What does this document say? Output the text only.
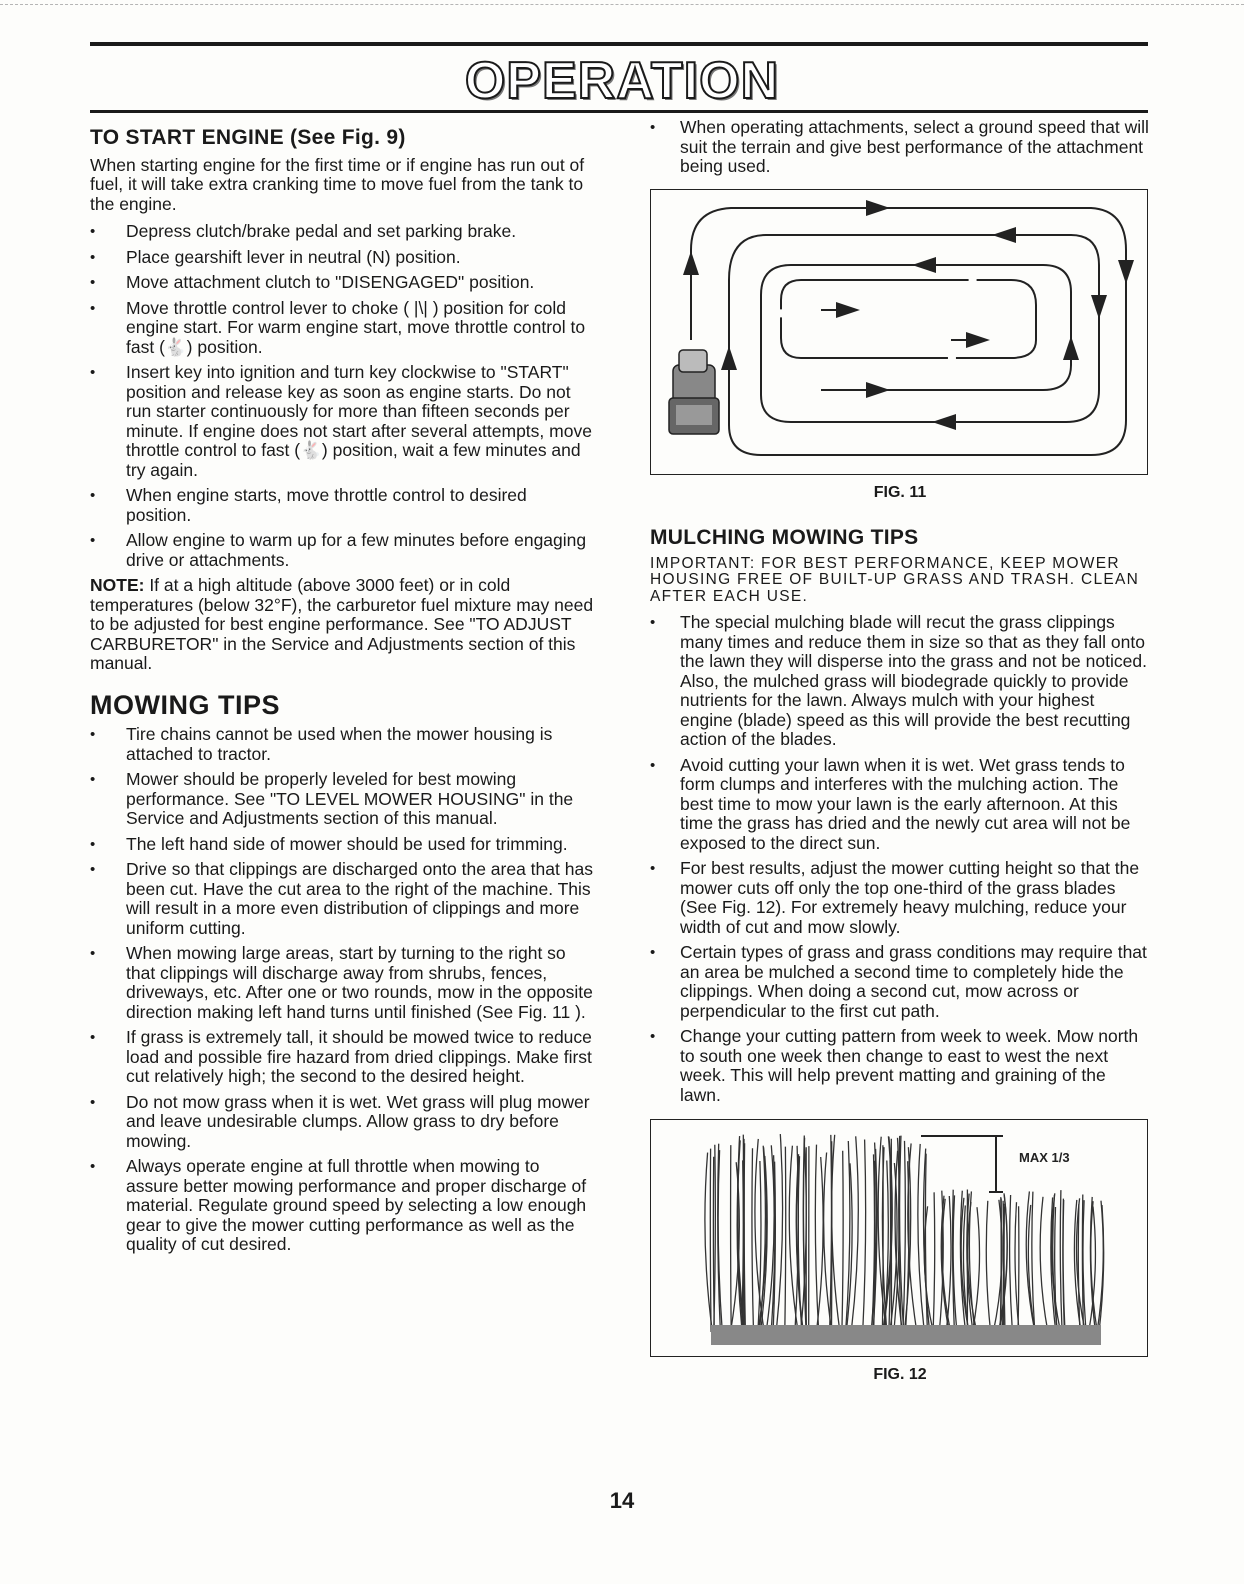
OPERATION
TO START ENGINE (See Fig. 9)

When starting engine for the first time or if engine has run out of fuel, it will take extra cranking time to move fuel from the tank to the engine.

• Depress clutch/brake pedal and set parking brake.
• Place gearshift lever in neutral (N) position.
• Move attachment clutch to "DISENGAGED" position.
• Move throttle control lever to choke ( |\| ) position for cold engine start. For warm engine start, move throttle control to fast (🐇) position.
• Insert key into ignition and turn key clockwise to "START" position and release key as soon as engine starts. Do not run starter continuously for more than fifteen seconds per minute. If engine does not start after several attempts, move throttle control to fast (🐇) position, wait a few minutes and try again.
• When engine starts, move throttle control to desired position.
• Allow engine to warm up for a few minutes before engaging drive or attachments.

NOTE: If at a high altitude (above 3000 feet) or in cold temperatures (below 32°F), the carburetor fuel mixture may need to be adjusted for best engine performance. See "TO ADJUST CARBURETOR" in the Service and Adjustments section of this manual.

MOWING TIPS
• Tire chains cannot be used when the mower housing is attached to tractor.
• Mower should be properly leveled for best mowing performance. See "TO LEVEL MOWER HOUSING" in the Service and Adjustments section of this manual.
• The left hand side of mower should be used for trimming.
• Drive so that clippings are discharged onto the area that has been cut. Have the cut area to the right of the machine. This will result in a more even distribution of clippings and more uniform cutting.
• When mowing large areas, start by turning to the right so that clippings will discharge away from shrubs, fences, driveways, etc. After one or two rounds, mow in the opposite direction making left hand turns until finished (See Fig. 11 ).
• If grass is extremely tall, it should be mowed twice to reduce load and possible fire hazard from dried clippings. Make first cut relatively high; the second to the desired height.
• Do not mow grass when it is wet. Wet grass will plug mower and leave undesirable clumps. Allow grass to dry before mowing.
• Always operate engine at full throttle when mowing to assure better mowing performance and proper discharge of material. Regulate ground speed by selecting a low enough gear to give the mower cutting performance as well as the quality of cut desired.
• When operating attachments, select a ground speed that will suit the terrain and give best performance of the attachment being used.
FIG. 11
MULCHING MOWING TIPS

IMPORTANT: FOR BEST PERFORMANCE, KEEP MOWER HOUSING FREE OF BUILT-UP GRASS AND TRASH. CLEAN AFTER EACH USE.

• The special mulching blade will recut the grass clippings many times and reduce them in size so that as they fall onto the lawn they will disperse into the grass and not be noticed. Also, the mulched grass will biodegrade quickly to provide nutrients for the lawn. Always mulch with your highest engine (blade) speed as this will provide the best recutting action of the blades.
• Avoid cutting your lawn when it is wet. Wet grass tends to form clumps and interferes with the mulching action. The best time to mow your lawn is the early afternoon. At this time the grass has dried and the newly cut area will not be exposed to the direct sun.
• For best results, adjust the mower cutting height so that the mower cuts off only the top one-third of the grass blades (See Fig. 12). For extremely heavy mulching, reduce your width of cut and mow slowly.
• Certain types of grass and grass conditions may require that an area be mulched a second time to completely hide the clippings. When doing a second cut, mow across or perpendicular to the first cut path.
• Change your cutting pattern from week to week. Mow north to south one week then change to east to west the next week. This will help prevent matting and graining of the lawn.
MAX 1/3
FIG. 12
14
